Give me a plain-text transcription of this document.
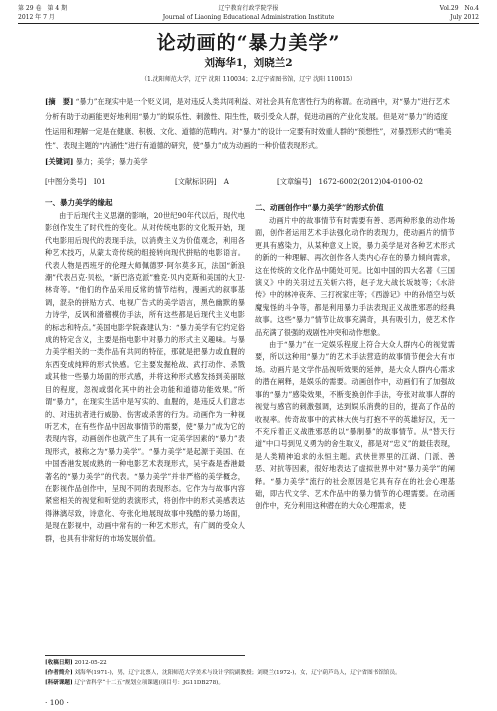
第 29 卷　第 4 期
2012 年 7 月
辽宁教育行政学院学报
Journal of Liaoning Educational Administration Institute
Vol.29　No.4
July 2012
论动画的“暴力美学”
刘海华1，刘晓兰2
（1.沈阳师范大学，辽宁 沈阳 110034；2.辽宁省图书馆，辽宁 沈阳 110015）
[摘　要] “暴力”在现实中是一个贬义词，是对违反人类共同利益、对社会具有危害性行为的称谓。在动画中，对“暴力”进行艺术分析有助于动画能更好地利用“暴力”的娱乐性、刺激性、阳生性，吸引受众人群，促进动画的产业化发展。但是对“暴力”的适度性运用和理解一定是在健康、积极、文化、道德的范畴内。对“暴力”的设计一定要有时效重人群的“预想性”，对暴烈形式的“唯美性”、表现主题的“内涵性”进行有道德的研究，使“暴力”成为动画的一种价值表现形式。
[关键词] 暴力；美学；暴力美学
[中图分类号]　I01	[文献标识码]　A	[文章编号]　1672-6002(2012)04-0100-02
一、暴力美学的缘起

由于后现代主义思潮的影响，20世纪90年代以后，现代电影创作发生了时代性的变化。从对传统电影的文化叛开始，现代电影用后现代的表现手法，以消费主义为价值观念，利用各种艺术技巧，从蒙太奇传统的组接转向现代拼贴的电影语言。代表人物是西班牙的伦理大师佩德罗·阿尔莫多瓦，法国“新浪潮”代表吕克·贝松，“新巴洛克派”雅克·贝内克斯和美国的大卫·林奇等。“他们的作品采用反常的情节结构，漫画式的叙事基调，混杂的拼贴方式、电视广告式的美学语言，黑色幽默的暴力诗学，反讽和滑稽模仿手法，所有这些都是后现代主义电影的标志和特点。”美国电影学院森建认为：“暴力美学有它约定俗成的特定含义，主要是指电影中对暴力的形式主义趣味。与暴力美学相关的一类作品有共同的特征，那就是把暴力或血腥的东西变成纯粹的形式快感。它主要发掘枪战、武打动作、杀戮或其他一些暴力场面的形式感，并将这种形式感发扬到美丽眩目的程度，忽视或弱化其中的社会功能和道德功能效果。”所谓“暴力”，在现实生活中是写实的、血腥的，是违反人们意志的、对违抗者进行威胁、伤害或杀害的行为。动画作为一种视听艺术，在有些作品中因故事情节的需要，使“暴力”成为它的表现内容，动画创作也就产生了具有一定美学因素的“暴力”表现形式，被称之为“暴力美学”。“暴力美学”是起源于美国、在中国香港发展成熟的一种电影艺术表现形式，吴宇森是香港最著名的“暴力美学”的代表。“暴力美学”并非严格的美学概念，在影视作品创作中，呈现不同的表现形态。它作为与故事内容紧密相关的视觉和听觉的表演形式，将创作中的形式美感表达得淋漓尽致，诗意化、夸张化地展现故事中残酷的暴力场面，是现在影视中，动画中常有的一种艺术形式，有广阔的受众人群，也具有非常好的市场发展价值。

二、动画创作中“暴力美学”的形式价值

动画片中的故事情节有时需要有善、恶两种形象的动作场面，创作者运用艺术手法强化动作的表现力，使动画片的情节更具有感染力，从某种意义上说，暴力美学是对各种艺术形式的新的一种理解、再次创作各人类内心存在的暴力倾向需求，这在传统的文化作品中随处可见。比如中国的四大名著《三国演义》中的关羽过五关斩六将，赵子龙大战长坂坡等；《水浒传》中的林冲夜奔、三打祝家庄等；《西游记》中的孙悟空与妖魔鬼怪的斗争等，都是利用暴力手法表现正义战胜邪恶的经典故事。这些“暴力”情节让故事充满奇，具有吸引力，使艺术作品充满了很强的戏剧性冲突和动作想象。

由于“暴力”在一定娱乐程度上符合大众人群内心的视觉需要，所以这种用“暴力”的艺术手法营造的故事情节便会大有市场。动画片是文学作品视听效果的延伸，是大众人群内心需求的潜在阐释，是娱乐的需要。动画创作中，动画们有了加强故事的“暴力”感染效果，不断变换创作手法，夸张对故事人群的视觉与感官的刺激强调，达到娱乐消费的目的，提高了作品的收视率。传奇故事中的武林大侠与打抱不平的英雄好汉，无一不充斥着正义战胜邪恶的以“暴制暴”的故事情节。从“替天行道”中口号到见义勇为的舍生取义，都是对“忠义”的最佳表现，是人类精神追求的永恒主题。武侠世界里的江湖、门派、善恶、对抗等因素，很好地表达了虚拟世界中对“暴力美学”的阐释。“暴力美学”流行的社会原因是它具有存在的社会心理基础，即古代文学、艺术作品中的暴力情节的心理需要。在动画创作中，充分利用这种潜在的大众心理需求，使

[收稿日期] 2012-05-22
[作者简介] 刘海华(1971-)，男，辽宁北票人，沈阳师范大学美术与设计学院副教授；刘晓兰(1972-)，女，辽宁葫芦岛人，辽宁省图书馆馆员。
[科研课题] 辽宁省科学“十二五”规划立项课题(项目号：JG11DB278)。
· 100 ·
